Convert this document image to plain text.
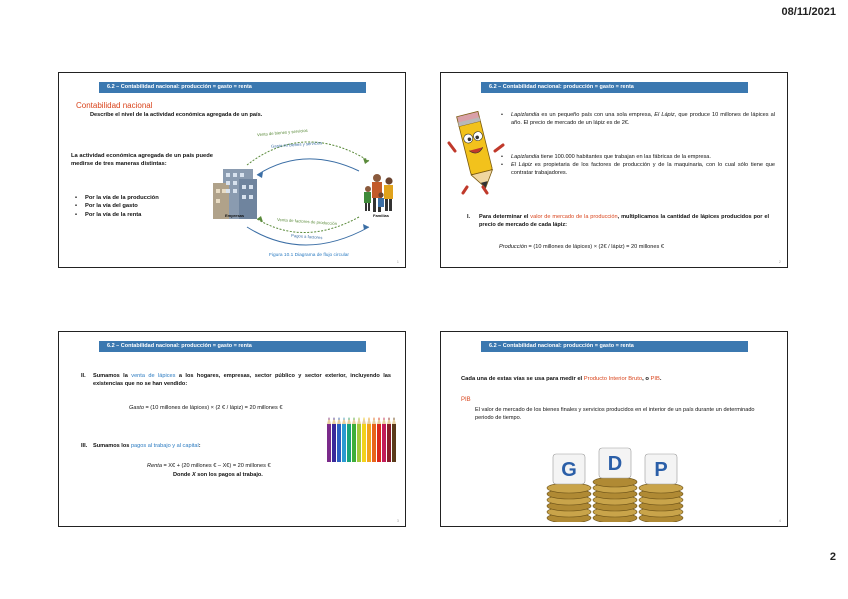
08/11/2021
6.2 – Contabilidad nacional: producción = gasto = renta
Contabilidad nacional
Describe el nivel de la actividad económica agregada de un país.
La actividad económica agregada de un país puede medirse de tres maneras distintas:
• Por la vía de la producción
• Por la vía del gasto
• Por la vía de la renta
Venta de bienes y servicios
Gasto en bienes y servicios
Venta de factores de producción
Pagos a factores
Empresas	Familias
Figura 10.1 Diagrama de flujo circular
1
6.2 – Contabilidad nacional: producción = gasto = renta
• Lapizlandia es un pequeño país con una sola empresa, El Lápiz, que produce 10 millones de lápices al año. El precio de mercado de un lápiz es de 2€.
• Lapizlandia tiene 100.000 habitantes que trabajan en las fábricas de la empresa.
• El Lápiz es propietaria de los factores de producción y de la maquinaria, con lo cual sólo tiene que contratar trabajadores.
I. Para determinar el valor de mercado de la producción, multiplicamos la cantidad de lápices producidos por el precio de mercado de cada lápiz:
Producción = (10 millones de lápices) × (2€ / lápiz) = 20 millones €
2
6.2 – Contabilidad nacional: producción = gasto = renta
II. Sumamos la venta de lápices a los hogares, empresas, sector público y sector exterior, incluyendo las existencias que no se han vendido:
Gasto = (10 millones de lápices) × (2 € / lápiz) = 20 millones €
III. Sumamos los pagos al trabajo y al capital:
Renta = X€ + (20 millones € – X€) = 20 millones €
Donde X son los pagos al trabajo.
3
6.2 – Contabilidad nacional: producción = gasto = renta
Cada una de estas vías se usa para medir el Producto Interior Bruto, o PIB.
PIB
El valor de mercado de los bienes finales y servicios producidos en el interior de un país durante un determinado periodo de tiempo.
G D P
4
2
